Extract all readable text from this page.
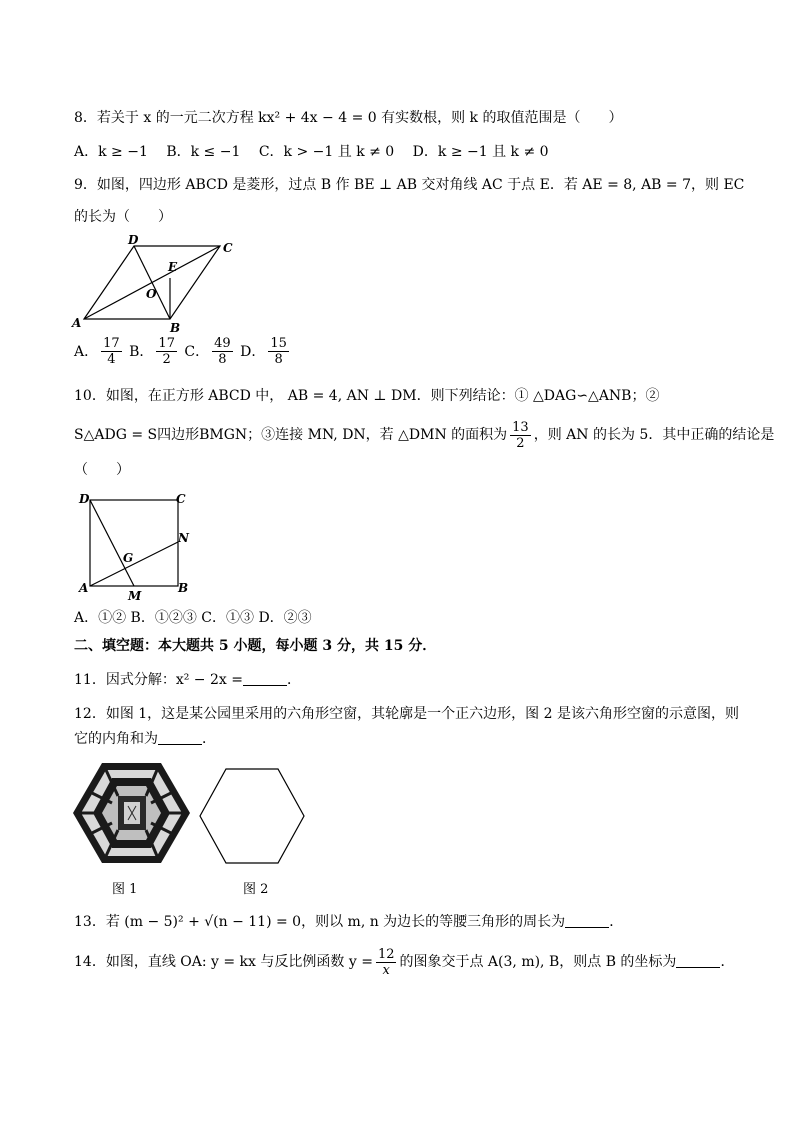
8．若关于 x 的一元二次方程 kx² + 4x − 4 = 0 有实数根，则 k 的取值范围是（　　）
A．k ≥ −1 B．k ≤ −1 C．k > −1 且 k ≠ 0 D．k ≥ −1 且 k ≠ 0
9．如图，四边形 ABCD 是菱形，过点 B 作 BE ⊥ AB 交对角线 AC 于点 E．若 AE = 8, AB = 7，则 EC
的长为（　　）
A	B
C
D
E
O
A． $\frac{17}{4}$ B． $\frac{17}{2}$ C． $\frac{49}{8}$ D． $\frac{15}{8}$
10．如图，在正方形 ABCD 中， AB = 4, AN ⊥ DM．则下列结论：① △DAG∽△ANB；②
S△ADG = S四边形BMGN；③连接 MN, DN，若 △DMN 的面积为 $\frac{13}{2}$ ，则 AN 的长为 5．其中正确的结论是
（　　）
D	C
N
G
A
M
B
A．①② B．①②③ C．①③ D．②③
二、填空题：本大题共 5 小题，每小题 3 分，共 15 分．
11．因式分解：x² − 2x =	．
12．如图 1，这是某公园里采用的六角形空窗，其轮廓是一个正六边形，图 2 是该六角形空窗的示意图，则
它的内角和为	．
图 1	图 2
13．若 (m − 5)² + √(n − 11) = 0，则以 m, n 为边长的等腰三角形的周长为	．
14．如图，直线 OA: y = kx 与反比例函数 $y = \frac{12}{x}$ 的图象交于点 A(3, m), B，则点 B 的坐标为	．
